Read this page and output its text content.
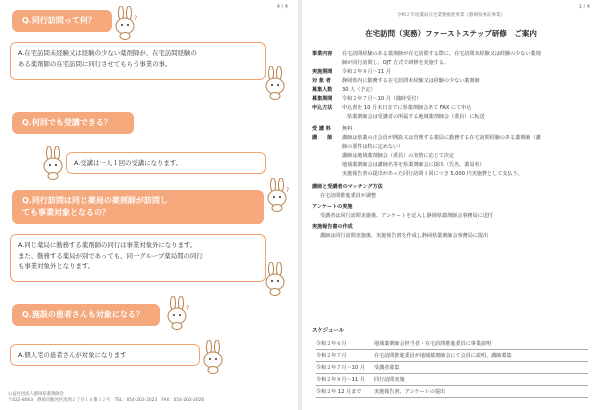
4 / 4
Q.同行訪問って何？	?
A.在宅訪問未経験又は経験の少ない薬剤師が、在宅訪問経験の
ある薬剤師の在宅訪問に同行させてもらう事業の事。
Q.何回でも受講できる？
A.受講は一人１回の受講になります。
Q.同行訪問は同じ薬局の薬剤師が訪問し
ても事業対象となるの？
?
A.同じ薬局に勤務する薬剤師の同行は事業対象外になります。
また、勤務する薬局が別であっても、同一グループ薬局間の同行
も事業対象外となります。
Q.施設の患者さんも対象になる？
?
A.個人宅の患者さんが対象になります
公益社団法人静岡県薬剤師会
〒422-8063　静岡市駿河区馬渕２丁目１６番３２号　TEL：054-203-2023　FAX：054-203-2026
1 / 4
令和２年度薬局在宅業務推進事業（静岡県委託事業）
在宅訪問（実務）ファーストステップ研修　ご案内
事業内容	在宅訪問経験のある薬剤師が在宅訪問する際に、在宅訪問未経験又は経験の少ない薬剤
師が同行訪問し、OJT 方式で研修を実施する。
実施期間	令和２年８月～11 月
対 象 者	静岡県内に勤務する在宅訪問未経験又は経験の少ない薬剤師
募集人数	30 人（予定）
募集期間	令和２年７月～10 月（随時受付）
申込方法	申込書を 10 月末日までに県薬剤師会あて FAX にて申込
　県薬剤師会は受講者の所属する地域薬剤師会（委員）に転送
受 講 料	無料
講　　師	講師は県薬の正会員が開設又は管理する薬局に勤務する在宅訪問経験のある薬剤師（講
師の要件は特に定めない）
講師は地域薬剤師会（委員）の実情に応じて決定
地域薬剤師会は講師名等を県薬剤師会に提出（氏名、薬局名）
実施報告書の提出があった同行訪問１回につき 5,000 円実施費として支払う。
講師と受講者のマッチング方法
在宅訪問推進委員が調整
アンケートの実施
受講者は同行訪問実施後、アンケートを記入し静岡県薬剤師会事務局に送付
実施報告書の作成
講師は同行訪問実施後、実施報告書を作成し静岡県薬剤師会事務局に提出
スケジュール
令和２年６月	地域薬剤師会担当者・在宅訪問推進委員に事業説明
令和２年７月	在宅訪問推進委員が地域薬剤師会にて会員に説明、講師募集
令和２年７月～10 月	受講者募集
令和２年８月～11 月	同行訪問実施
令和２年 12 月まで	実施報告書、アンケートの提出
